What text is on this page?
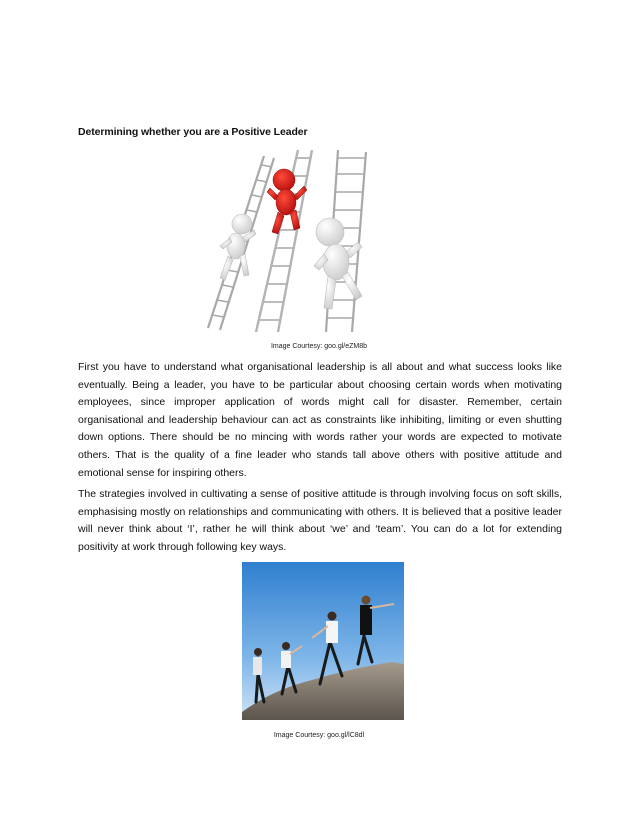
Determining whether you are a Positive Leader
Image Courtesy: goo.gl/eZM8b
First you have to understand what organisational leadership is all about and what success looks like eventually. Being a leader, you have to be particular about choosing certain words when motivating employees, since improper application of words might call for disaster. Remember, certain organisational and leadership behaviour can act as constraints like inhibiting, limiting or even shutting down options. There should be no mincing with words rather your words are expected to motivate others. That is the quality of a fine leader who stands tall above others with positive attitude and emotional sense for inspiring others.
The strategies involved in cultivating a sense of positive attitude is through involving focus on soft skills, emphasising mostly on relationships and communicating with others. It is believed that a positive leader will never think about ‘I’, rather he will think about ‘we’ and ‘team’. You can do a lot for extending positivity at work through following key ways.
Image Courtesy: goo.gl/lC8dl
